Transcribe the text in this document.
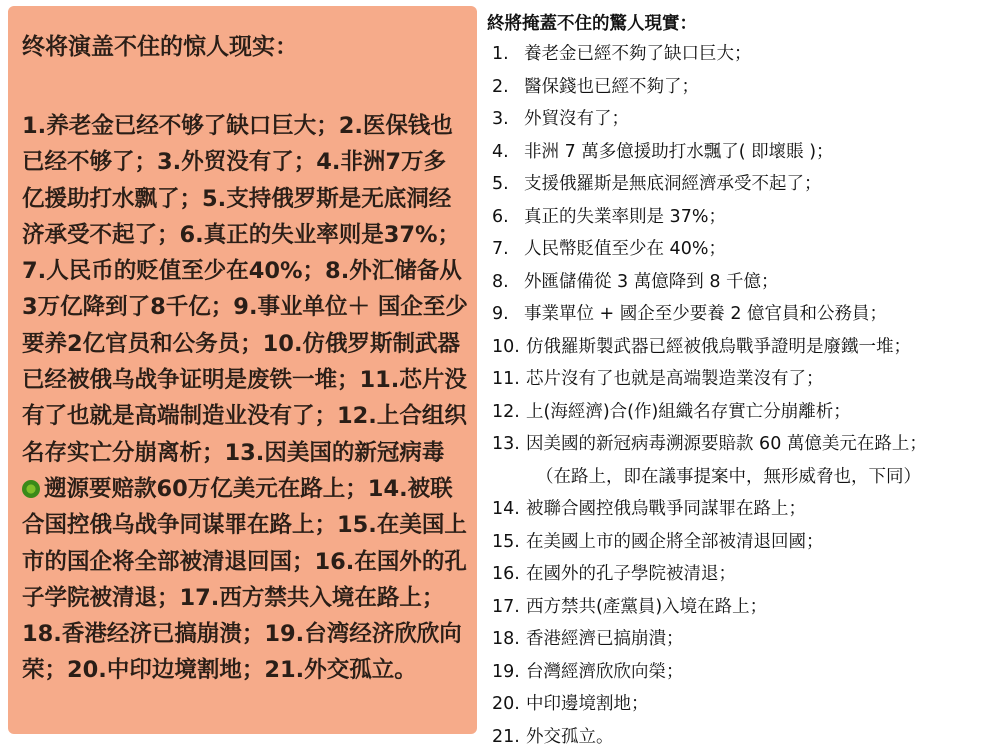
终将演盖不住的惊人现实：
1.养老金已经不够了缺口巨大；2.医保钱也
已经不够了；3.外贸没有了；4.非洲7万多
亿援助打水飘了；5.支持俄罗斯是无底洞经
济承受不起了；6.真正的失业率则是37%；
7.人民币的贬值至少在40%；8.外汇储备从
3万亿降到了8千亿；9.事业单位＋ 国企至少
要养2亿官员和公务员；10.仿俄罗斯制武器
已经被俄乌战争证明是废铁一堆；11.芯片没
有了也就是高端制造业没有了；12.上合组织
名存实亡分崩离析；13.因美国的新冠病毒
遡源要赔款60万亿美元在路上；14.被联
合国控俄乌战争同谋罪在路上；15.在美国上
市的国企将全部被清退回国；16.在国外的孔
子学院被清退；17.西方禁共入境在路上；
18.香港经济已搞崩溃；19.台湾经济欣欣向
荣；20.中印边境割地；21.外交孤立。
終將掩蓋不住的驚人現實：
1. 養老金已經不夠了缺口巨大；
2. 醫保錢也已經不夠了；
3. 外貿沒有了；
4. 非洲 7 萬多億援助打水飄了( 即壞賬 )；
5. 支援俄羅斯是無底洞經濟承受不起了；
6. 真正的失業率則是 37%；
7. 人民幣貶值至少在 40%；
8. 外匯儲備從 3 萬億降到 8 千億；
9. 事業單位 + 國企至少要養 2 億官員和公務員；
10. 仿俄羅斯製武器已經被俄烏戰爭證明是廢鐵一堆；
11. 芯片沒有了也就是高端製造業沒有了；
12. 上(海經濟)合(作)組織名存實亡分崩離析；
13. 因美國的新冠病毒溯源要賠款 60 萬億美元在路上；
（在路上，即在議事提案中，無形威脅也，下同）
14. 被聯合國控俄烏戰爭同謀罪在路上；
15. 在美國上市的國企將全部被清退回國；
16. 在國外的孔子學院被清退；
17. 西方禁共(產黨員)入境在路上；
18. 香港經濟已搞崩潰；
19. 台灣經濟欣欣向榮；
20. 中印邊境割地；
21. 外交孤立。
